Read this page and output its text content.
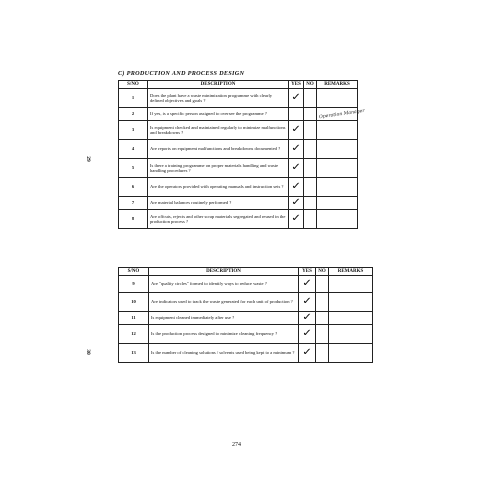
C) PRODUCTION AND PROCESS DESIGN
S/NO	DESCRIPTION	YES	NO	REMARKS
1	Does the plant have a waste minimization programme with clearly defined objectives and goals ?	✓		
2	If yes, is a specific person assigned to oversee the programme ?			Operation Manager
3	Is equipment checked and maintained regularly to minimize malfunctions and breakdowns ?	✓		
4	Are reports on equipment malfunctions and breakdowns documented ?	✓		
5	Is there a training programme on proper materials handling and waste handling procedures ?	✓		
6	Are the operators provided with operating manuals and instruction sets ?	✓		
7	Are material balances routinely performed ?	✓		
8	Are offcuts, rejects and other scrap materials segregated and reused in the production process ?	✓		
S/NO	DESCRIPTION	YES	NO	REMARKS
9	Are "quality circles" formed to identify ways to reduce waste ?	✓		
10	Are indicators used to track the waste generated for each unit of production ?	✓		
11	Is equipment cleaned immediately after use ?	✓		
12	Is the production process designed to minimize cleaning frequency ?	✓		
13	Is the number of cleaning solutions / solvents used being kept to a minimum ?	✓		
29
30
274
